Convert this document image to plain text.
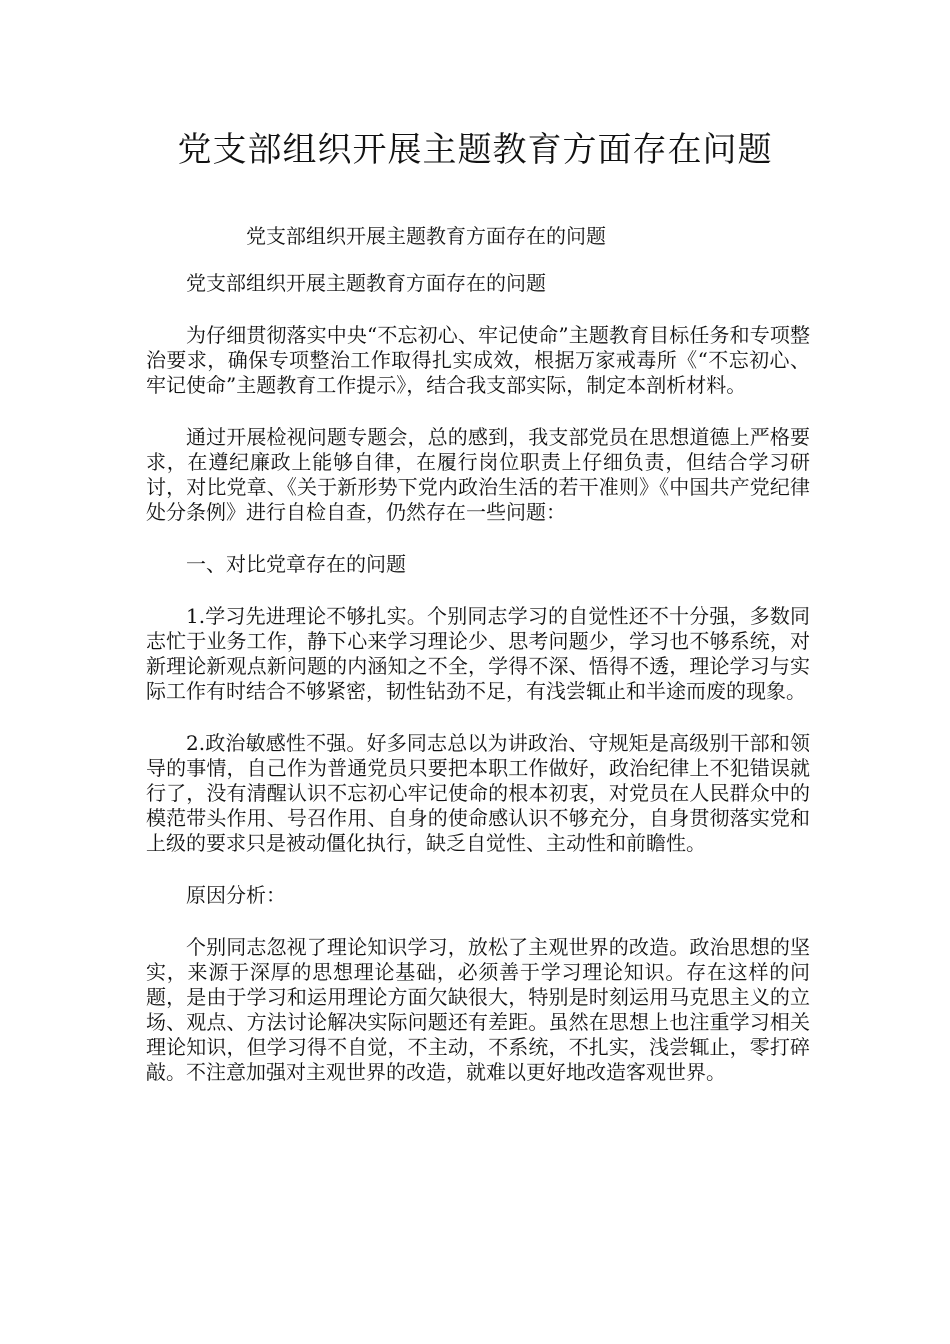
党支部组织开展主题教育方面存在问题

党支部组织开展主题教育方面存在的问题

党支部组织开展主题教育方面存在的问题

为仔细贯彻落实中央“不忘初心、牢记使命”主题教育目标任务和专项整治要求，确保专项整治工作取得扎实成效，根据万家戒毒所《“不忘初心、牢记使命”主题教育工作提示》，结合我支部实际，制定本剖析材料。

通过开展检视问题专题会，总的感到，我支部党员在思想道德上严格要求，在遵纪廉政上能够自律，在履行岗位职责上仔细负责，但结合学习研讨，对比党章、《关于新形势下党内政治生活的若干准则》《中国共产党纪律处分条例》进行自检自查，仍然存在一些问题：

一、对比党章存在的问题

1.学习先进理论不够扎实。个别同志学习的自觉性还不十分强，多数同志忙于业务工作，静下心来学习理论少、思考问题少，学习也不够系统，对新理论新观点新问题的内涵知之不全，学得不深、悟得不透，理论学习与实际工作有时结合不够紧密，韧性钻劲不足，有浅尝辄止和半途而废的现象。

2.政治敏感性不强。好多同志总以为讲政治、守规矩是高级别干部和领导的事情，自己作为普通党员只要把本职工作做好，政治纪律上不犯错误就行了，没有清醒认识不忘初心牢记使命的根本初衷，对党员在人民群众中的模范带头作用、号召作用、自身的使命感认识不够充分，自身贯彻落实党和上级的要求只是被动僵化执行，缺乏自觉性、主动性和前瞻性。

原因分析：

个别同志忽视了理论知识学习，放松了主观世界的改造。政治思想的坚实，来源于深厚的思想理论基础，必须善于学习理论知识。存在这样的问题，是由于学习和运用理论方面欠缺很大，特别是时刻运用马克思主义的立场、观点、方法讨论解决实际问题还有差距。虽然在思想上也注重学习相关理论知识，但学习得不自觉，不主动，不系统，不扎实，浅尝辄止，零打碎敲。不注意加强对主观世界的改造，就难以更好地改造客观世界。
